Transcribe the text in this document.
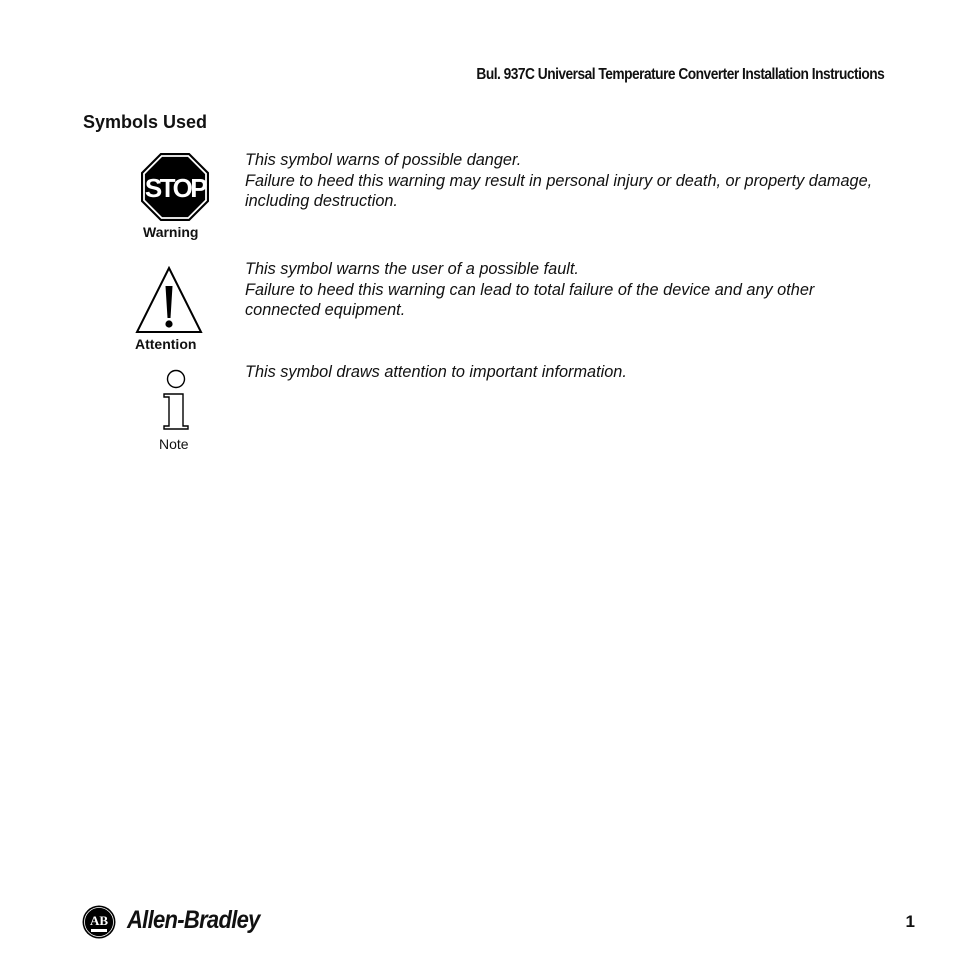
Bul. 937C Universal Temperature Converter Installation Instructions
Symbols Used
STOP
Warning

This symbol warns of possible danger.

Failure to heed this warning may result in personal injury or death, or property damage, including destruction.

Attention

This symbol warns the user of a possible fault.

Failure to heed this warning can lead to total failure of the device and any other connected equipment.

Note

This symbol draws attention to important information.

AB Allen-Bradley	1
